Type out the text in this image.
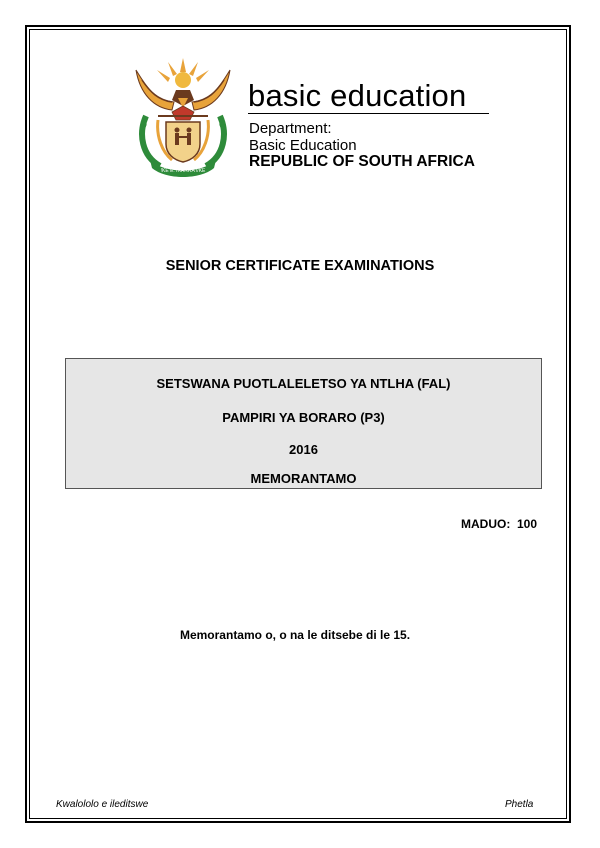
!KE E: /XARRA //KE
basic education
Department:
Basic Education
REPUBLIC OF SOUTH AFRICA
SENIOR CERTIFICATE EXAMINATIONS
SETSWANA PUOTLALELETSO YA NTLHA (FAL)
PAMPIRI YA BORARO (P3)
2016
MEMORANTAMO
MADUO:  100
Memorantamo o, o na le ditsebe di le 15.
Kwalololo e ileditswe	Phetla
